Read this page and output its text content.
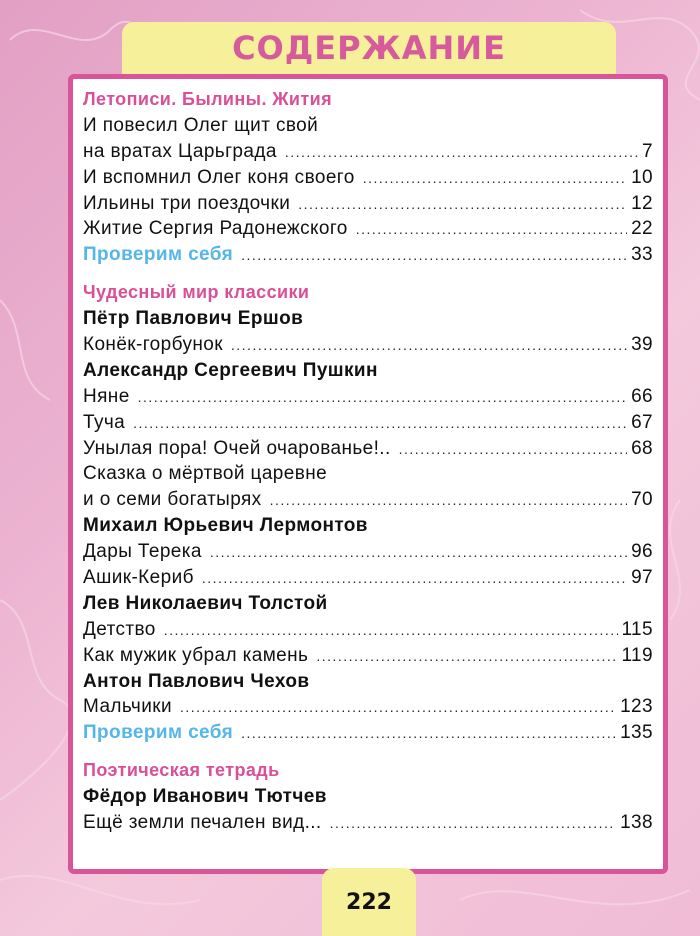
СОДЕРЖАНИЕ
Летописи. Былины. Жития
И повесил Олег щит свой
на вратах Царьграда . . .	7
И вспомнил Олег коня своего . . .	10
Ильины три поездочки . . .	12
Житие Сергия Радонежского . . .	22
Проверим себя . . .	33
Чудесный мир классики
Пётр Павлович Ершов
Конёк-горбунок . . .	39
Александр Сергеевич Пушкин
Няне . . .	66
Туча . . .	67
Унылая пора! Очей очарованье!.. . . .	68
Сказка о мёртвой царевне
и о семи богатырях . . .	70
Михаил Юрьевич Лермонтов
Дары Терека . . .	96
Ашик-Кериб . . .	97
Лев Николаевич Толстой
Детство . . .	115
Как мужик убрал камень . . .	119
Антон Павлович Чехов
Мальчики . . .	123
Проверим себя . . .	135
Поэтическая тетрадь
Фёдор Иванович Тютчев
Ещё земли печален вид... . . .	138
222
